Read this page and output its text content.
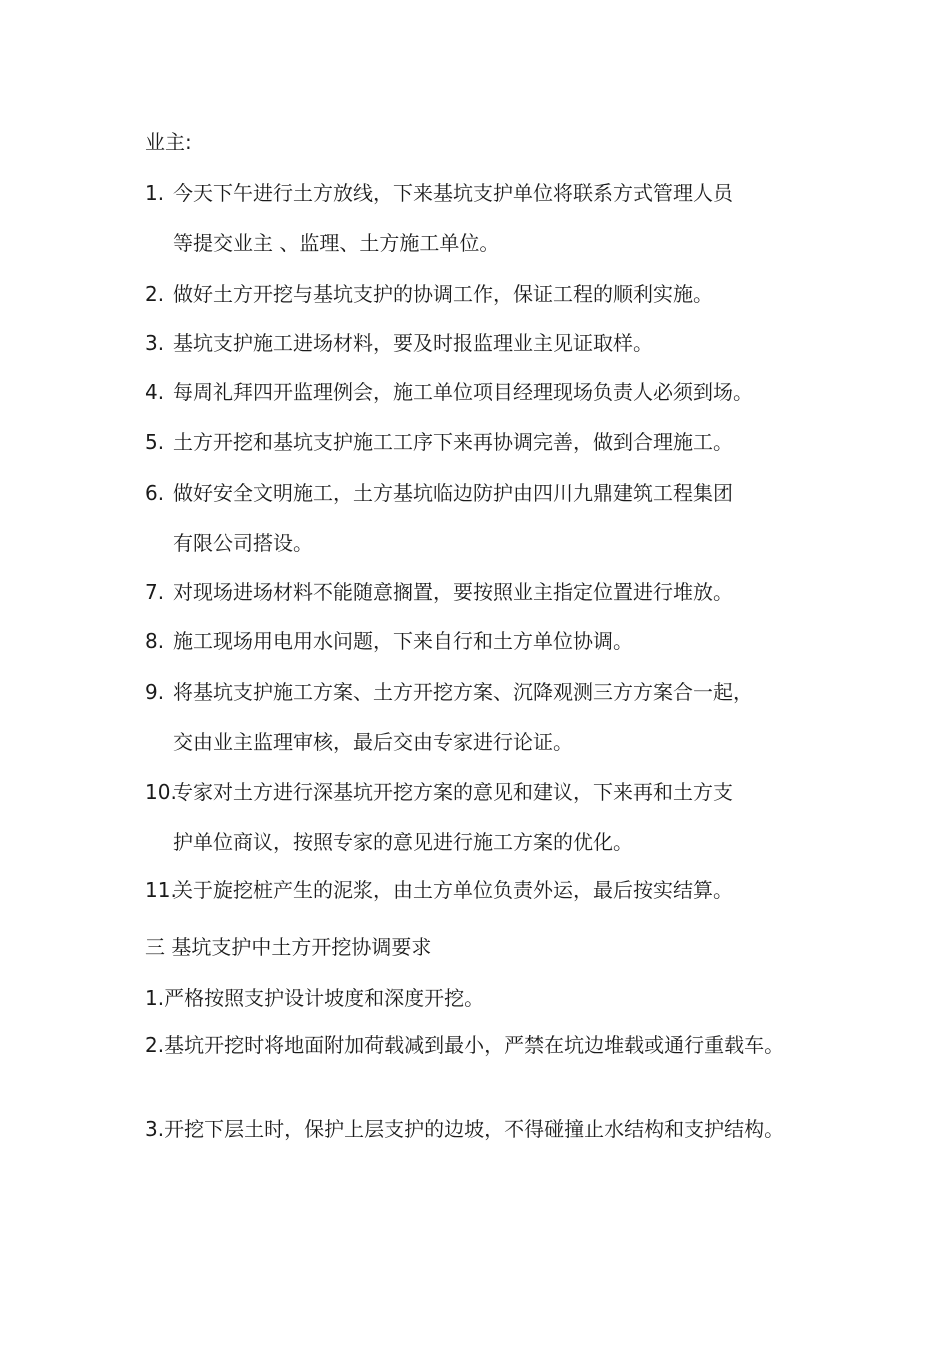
业主:
1. 今天下午进行土方放线，下来基坑支护单位将联系方式管理人员
等提交业主 、监理、土方施工单位。
2. 做好土方开挖与基坑支护的协调工作，保证工程的顺利实施。
3. 基坑支护施工进场材料，要及时报监理业主见证取样。
4. 每周礼拜四开监理例会，施工单位项目经理现场负责人必须到场。
5. 土方开挖和基坑支护施工工序下来再协调完善，做到合理施工。
6. 做好安全文明施工，土方基坑临边防护由四川九鼎建筑工程集团
有限公司搭设。
7. 对现场进场材料不能随意搁置，要按照业主指定位置进行堆放。
8. 施工现场用电用水问题，下来自行和土方单位协调。
9. 将基坑支护施工方案、土方开挖方案、沉降观测三方方案合一起，
交由业主监理审核，最后交由专家进行论证。
10.
专家对土方进行深基坑开挖方案的意见和建议，下来再和土方支
护单位商议，按照专家的意见进行施工方案的优化。
11.
关于旋挖桩产生的泥浆，由土方单位负责外运，最后按实结算。
三 基坑支护中土方开挖协调要求
1.严格按照支护设计坡度和深度开挖。
2.基坑开挖时将地面附加荷载减到最小，严禁在坑边堆载或通行重载车。
3.开挖下层土时，保护上层支护的边坡，不得碰撞止水结构和支护结构。
